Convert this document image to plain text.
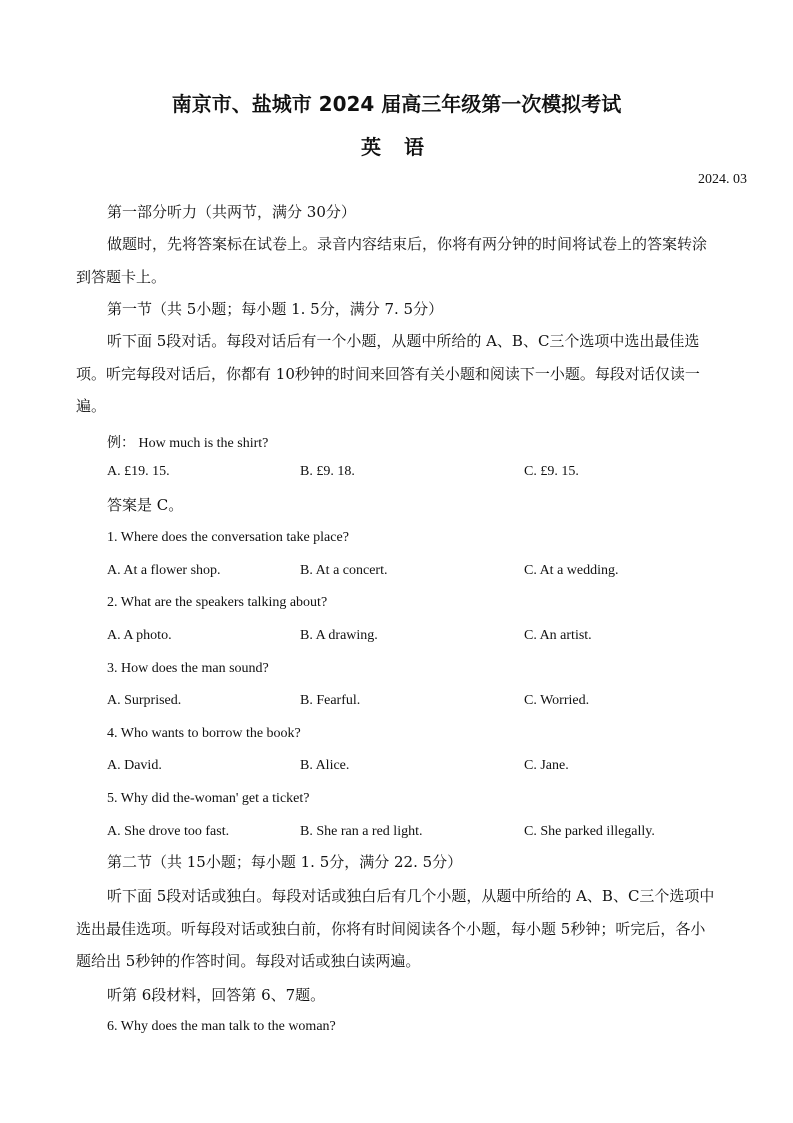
南京市、盐城市 2024 届高三年级第一次模拟考试
英 语
2024. 03
第一部分听力（共两节，满分 30分）
做题时，先将答案标在试卷上。录音内容结束后，你将有两分钟的时间将试卷上的答案转涂到答题卡上。
第一节（共 5小题；每小题 1. 5分，满分 7. 5分）
听下面 5段对话。每段对话后有一个小题，从题中所给的 A、B、C三个选项中选出最佳选项。听完每段对话后，你都有 10秒钟的时间来回答有关小题和阅读下一小题。每段对话仅读一遍。
例： How much is the shirt?
A. £19. 15.	B. £9. 18.	C. £9. 15.
答案是 C。
1. Where does the conversation take place?
A. At a flower shop.	B. At a concert.	C. At a wedding.
2. What are the speakers talking about?
A. A photo.	B. A drawing.	C. An artist.
3. How does the man sound?
A. Surprised.	B. Fearful.	C. Worried.
4. Who wants to borrow the book?
A. David.	B. Alice.	C. Jane.
5. Why did the-woman' get a ticket?
A. She drove too fast.	B. She ran a red light.	C. She parked illegally.
第二节（共 15小题；每小题 1. 5分，满分 22. 5分）
听下面 5段对话或独白。每段对话或独白后有几个小题，从题中所给的 A、B、C三个选项中选出最佳选项。听每段对话或独白前，你将有时间阅读各个小题，每小题 5秒钟；听完后，各小题给出 5秒钟的作答时间。每段对话或独白读两遍。
听第 6段材料，回答第 6、7题。
6. Why does the man talk to the woman?
